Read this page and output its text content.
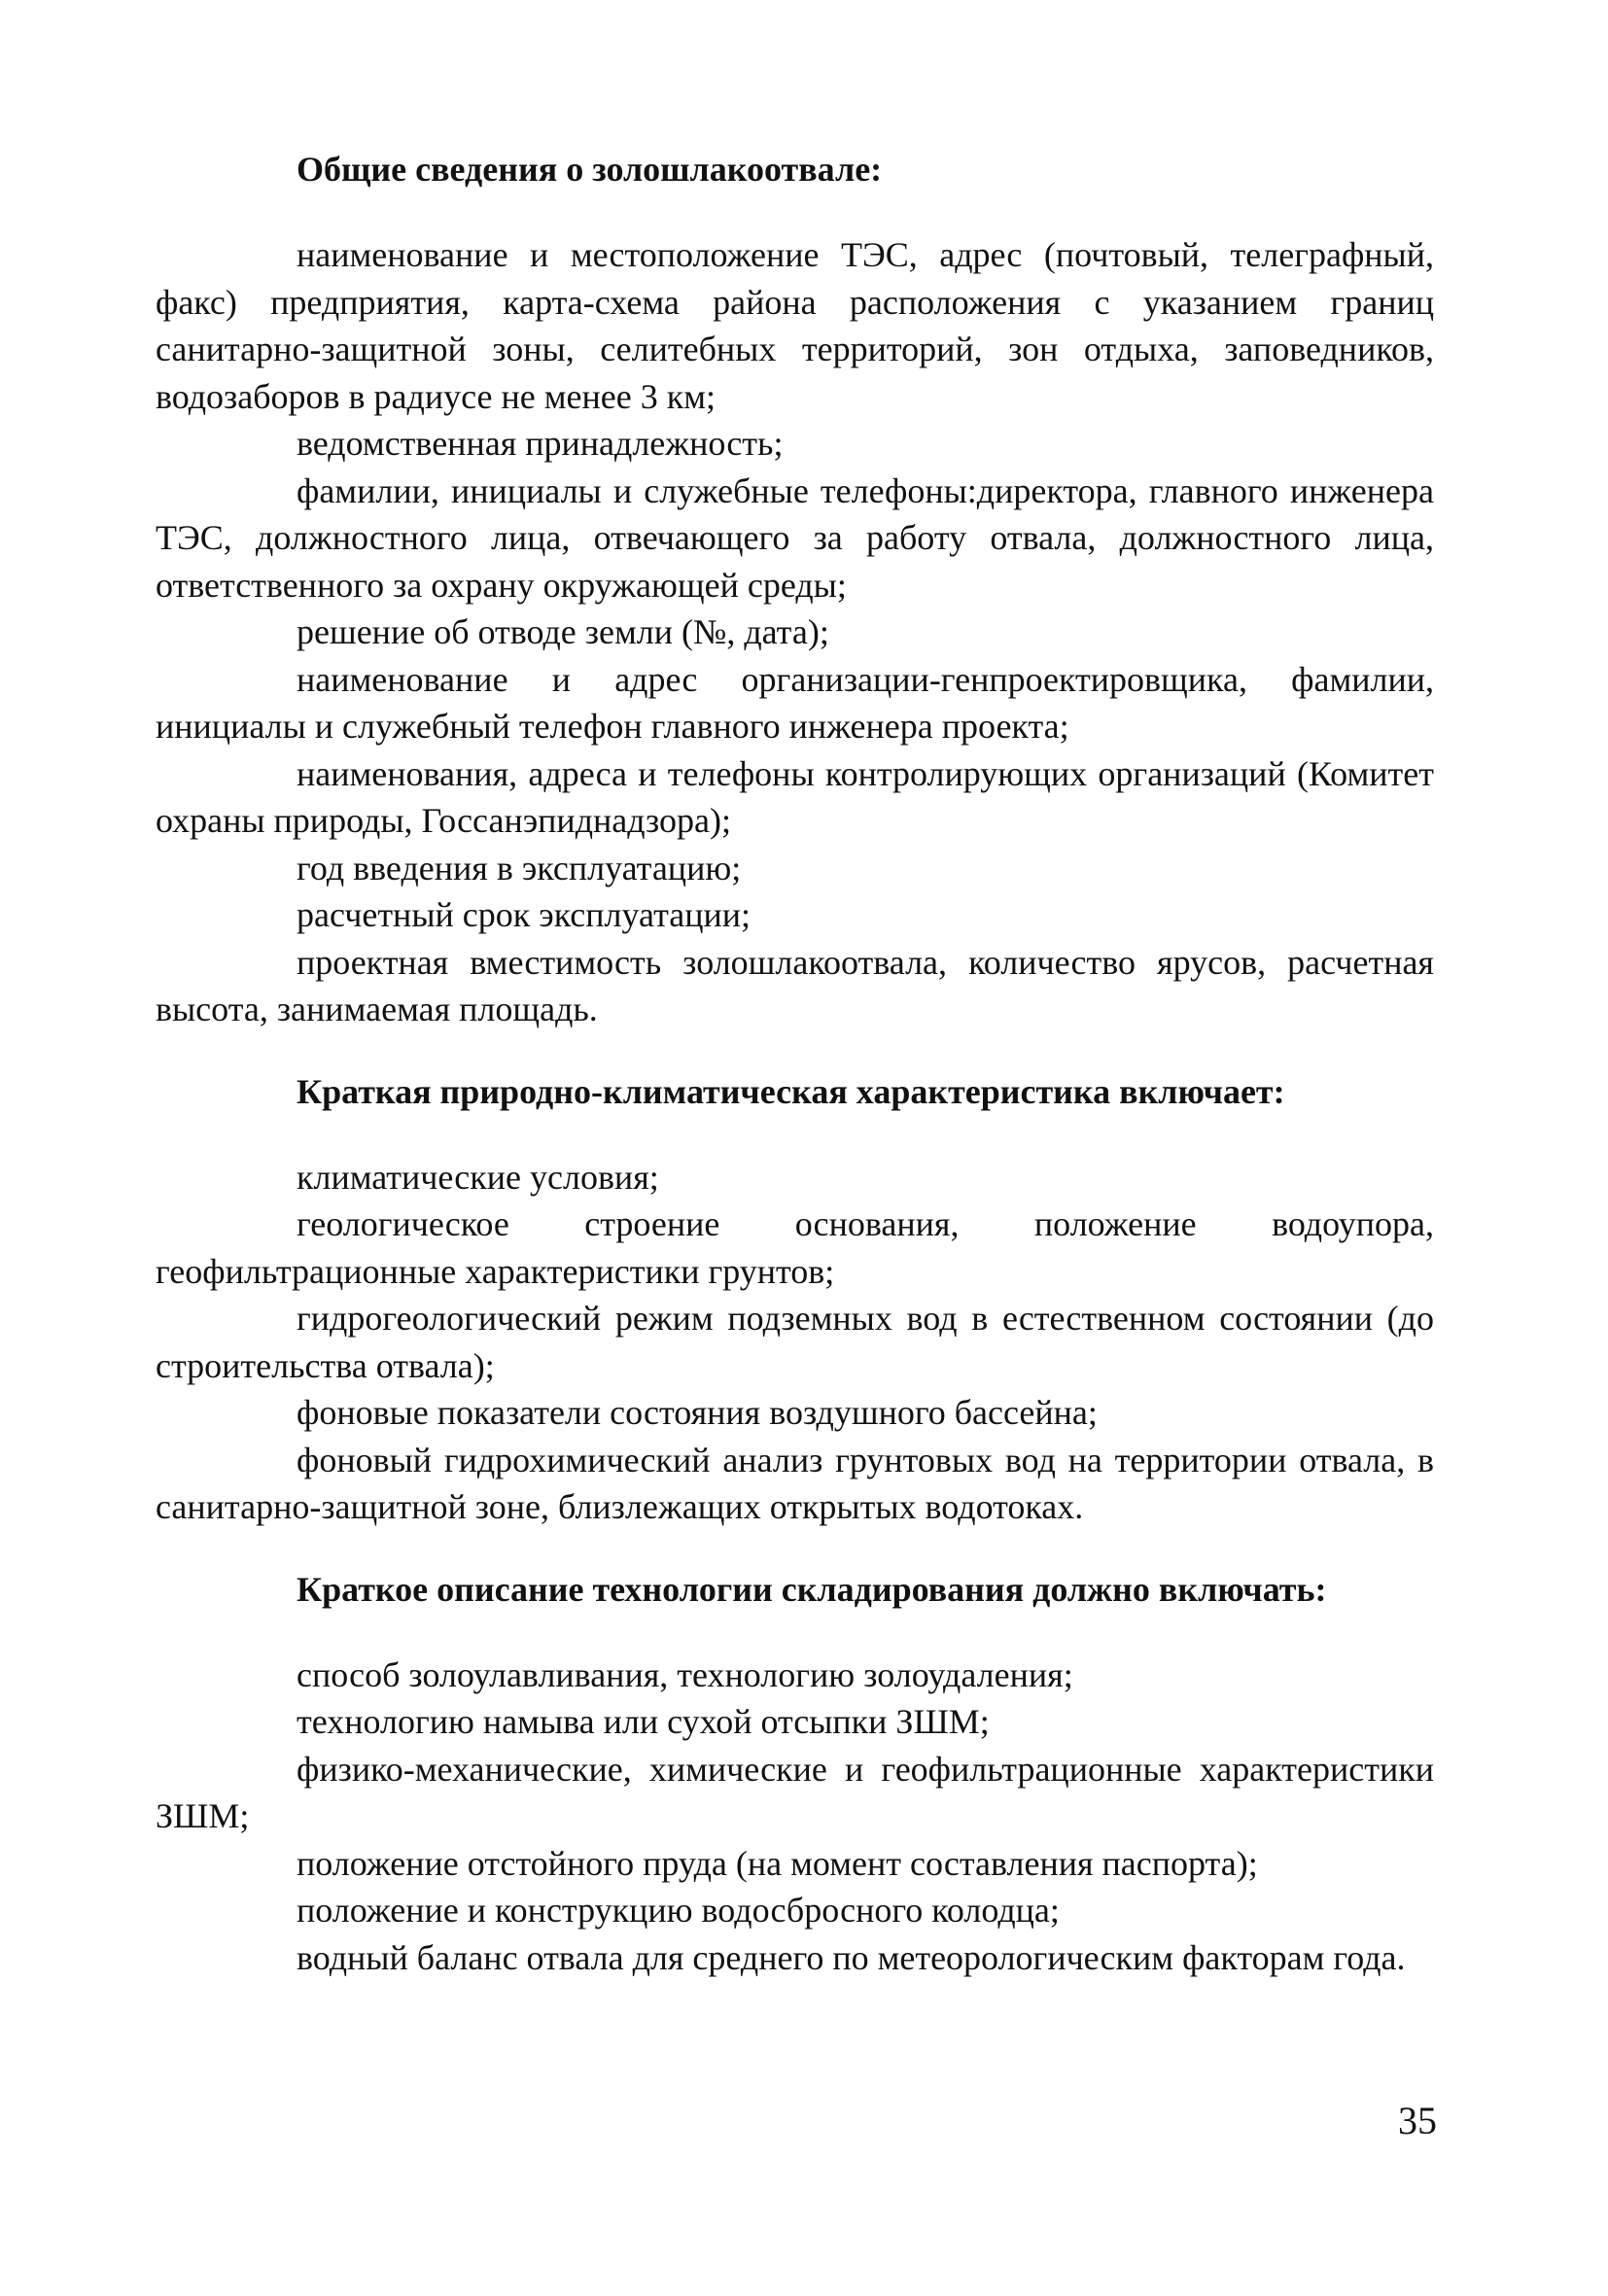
Общие сведения о золошлакоотвале:

наименование и местоположение ТЭС, адрес (почтовый, телеграфный, факс) предприятия, карта-схема района расположения с указанием границ санитарно-защитной зоны, селитебных территорий, зон отдыха, заповедников, водозаборов в радиусе не менее 3 км;

ведомственная принадлежность;

фамилии, инициалы и служебные телефоны:директора, главного инженера ТЭС, должностного лица, отвечающего за работу отвала, должностного лица, ответственного за охрану окружающей среды;

решение об отводе земли (№, дата);

наименование и адрес организации-генпроектировщика, фамилии, инициалы и служебный телефон главного инженера проекта;

наименования, адреса и телефоны контролирующих организаций (Комитет охраны природы, Госсанэпиднадзора);

год введения в эксплуатацию;

расчетный срок эксплуатации;

проектная вместимость золошлакоотвала, количество ярусов, расчетная высота, занимаемая площадь.

Краткая природно-климатическая характеристика включает:

климатические условия;

геологическое строение основания, положение водоупора, геофильтрационные характеристики грунтов;

гидрогеологический режим подземных вод в естественном состоянии (до строительства отвала);

фоновые показатели состояния воздушного бассейна;

фоновый гидрохимический анализ грунтовых вод на территории отвала, в санитарно-защитной зоне, близлежащих открытых водотоках.

Краткое описание технологии складирования должно включать:

способ золоулавливания, технологию золоудаления;

технологию намыва или сухой отсыпки ЗШМ;

физико-механические, химические и геофильтрационные характеристики ЗШМ;

положение отстойного пруда (на момент составления паспорта);

положение и конструкцию водосбросного колодца;

водный баланс отвала для среднего по метеорологическим факторам года.

35
